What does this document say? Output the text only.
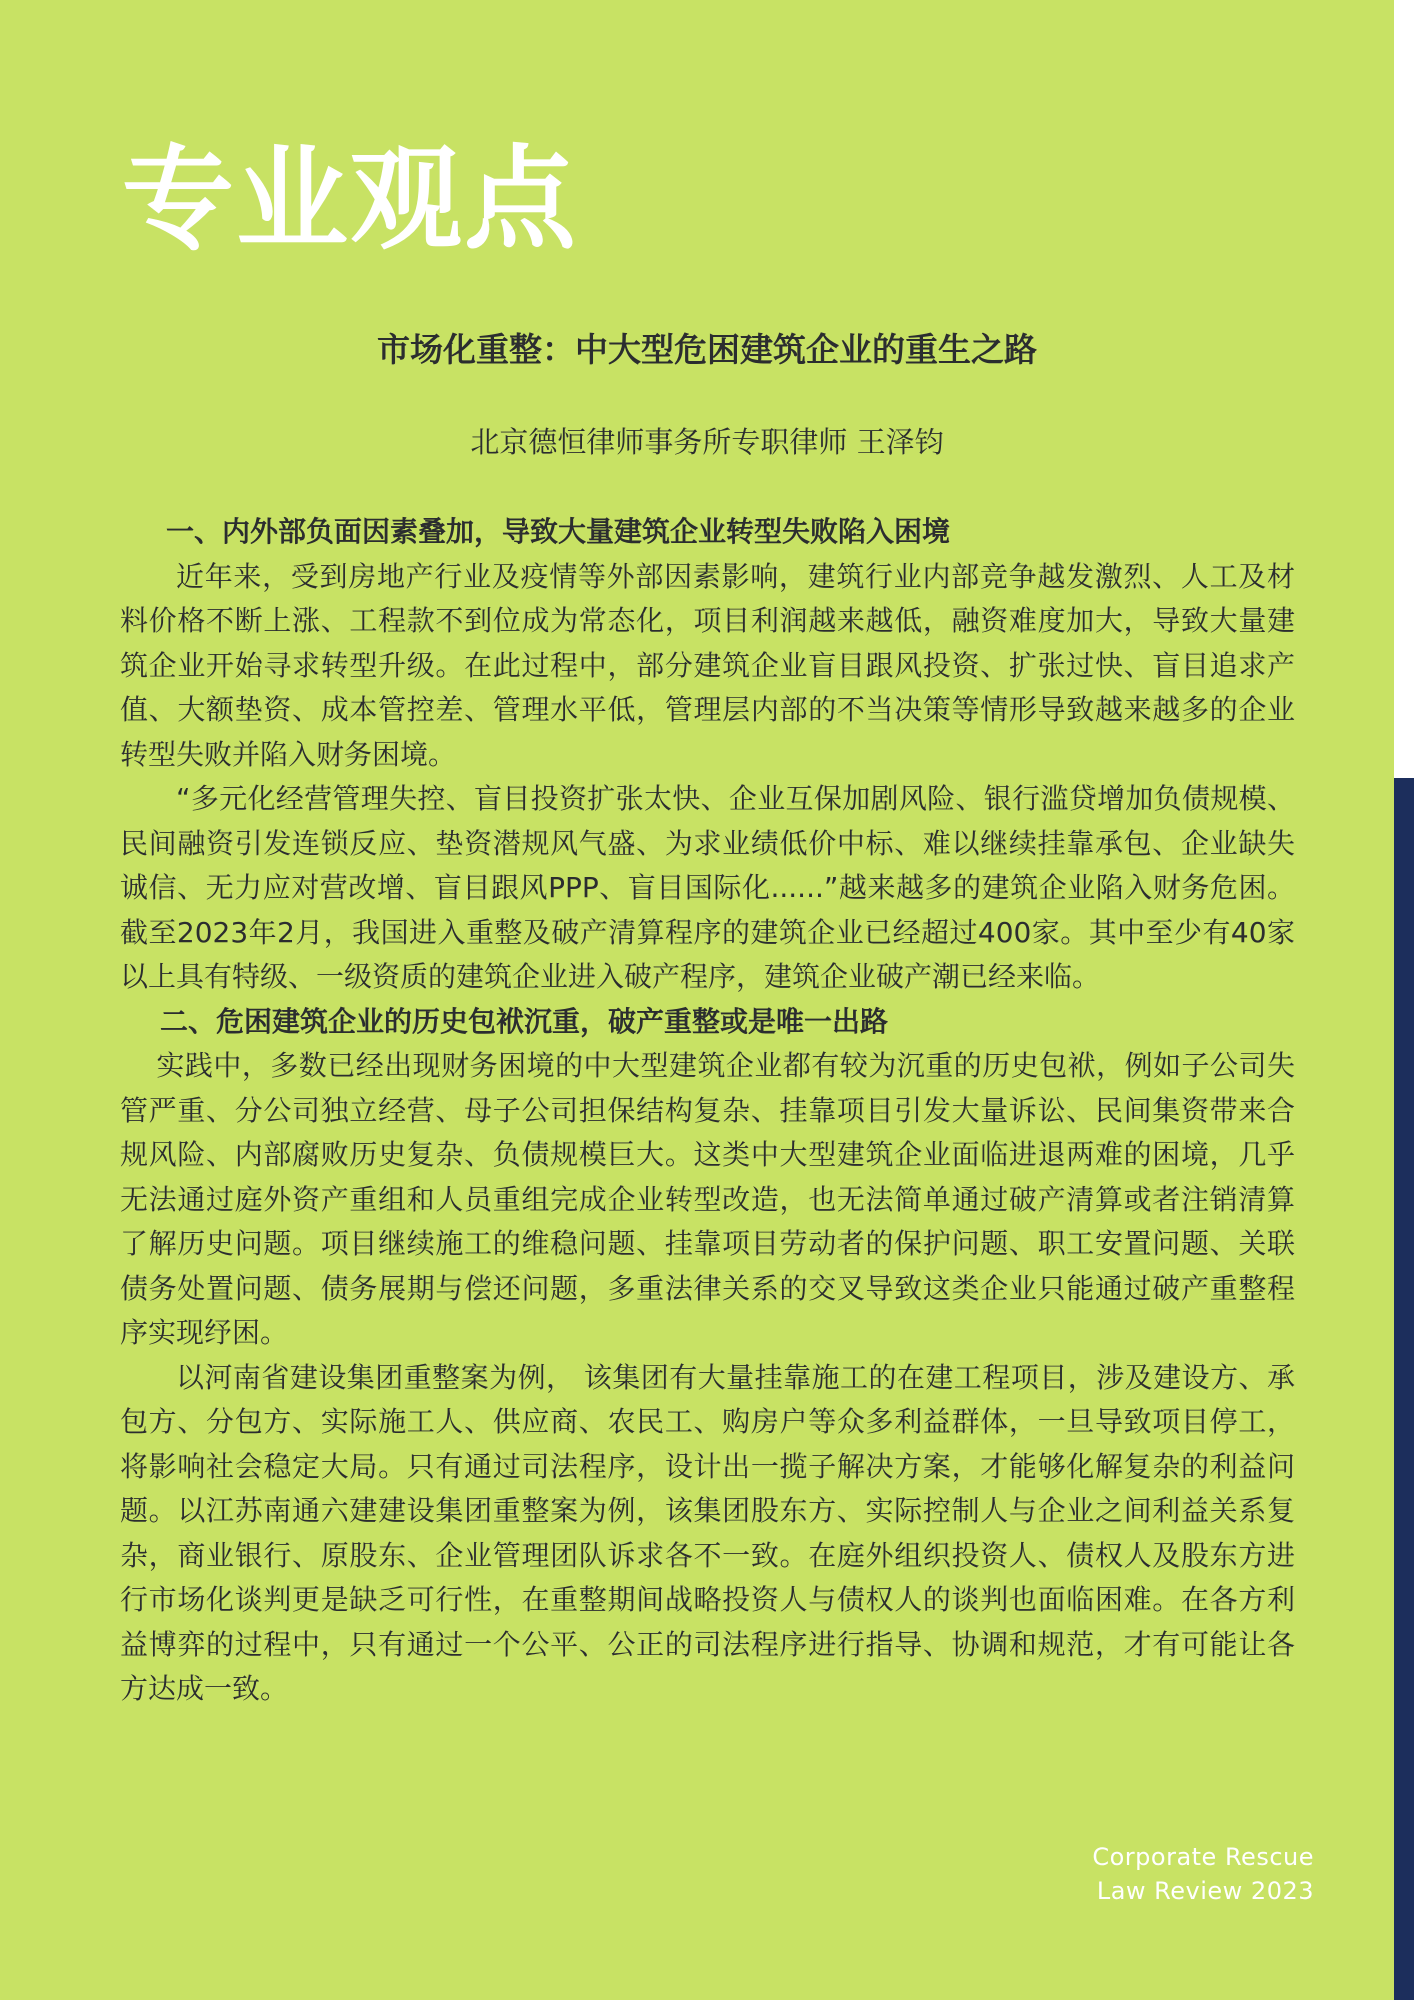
专业观点
市场化重整：中大型危困建筑企业的重生之路
北京德恒律师事务所专职律师 王泽钧
一、内外部负面因素叠加，导致大量建筑企业转型失败陷入困境

近年来，受到房地产行业及疫情等外部因素影响，建筑行业内部竞争越发激烈、人工及材料价格不断上涨、工程款不到位成为常态化，项目利润越来越低，融资难度加大，导致大量建筑企业开始寻求转型升级。在此过程中，部分建筑企业盲目跟风投资、扩张过快、盲目追求产值、大额垫资、成本管控差、管理水平低，管理层内部的不当决策等情形导致越来越多的企业转型失败并陷入财务困境。

“多元化经营管理失控、盲目投资扩张太快、企业互保加剧风险、银行滥贷增加负债规模、民间融资引发连锁反应、垫资潜规风气盛、为求业绩低价中标、难以继续挂靠承包、企业缺失诚信、无力应对营改增、盲目跟风PPP、盲目国际化......”越来越多的建筑企业陷入财务危困。截至2023年2月，我国进入重整及破产清算程序的建筑企业已经超过400家。其中至少有40家以上具有特级、一级资质的建筑企业进入破产程序，建筑企业破产潮已经来临。

二、危困建筑企业的历史包袱沉重，破产重整或是唯一出路

实践中，多数已经出现财务困境的中大型建筑企业都有较为沉重的历史包袱，例如子公司失管严重、分公司独立经营、母子公司担保结构复杂、挂靠项目引发大量诉讼、民间集资带来合规风险、内部腐败历史复杂、负债规模巨大。这类中大型建筑企业面临进退两难的困境，几乎无法通过庭外资产重组和人员重组完成企业转型改造，也无法简单通过破产清算或者注销清算了解历史问题。项目继续施工的维稳问题、挂靠项目劳动者的保护问题、职工安置问题、关联债务处置问题、债务展期与偿还问题，多重法律关系的交叉导致这类企业只能通过破产重整程序实现纾困。

以河南省建设集团重整案为例， 该集团有大量挂靠施工的在建工程项目，涉及建设方、承包方、分包方、实际施工人、供应商、农民工、购房户等众多利益群体，一旦导致项目停工，将影响社会稳定大局。只有通过司法程序，设计出一揽子解决方案，才能够化解复杂的利益问题。以江苏南通六建建设集团重整案为例，该集团股东方、实际控制人与企业之间利益关系复杂，商业银行、原股东、企业管理团队诉求各不一致。在庭外组织投资人、债权人及股东方进行市场化谈判更是缺乏可行性，在重整期间战略投资人与债权人的谈判也面临困难。在各方利益博弈的过程中，只有通过一个公平、公正的司法程序进行指导、协调和规范，才有可能让各方达成一致。

Corporate Rescue
Law Review 2023
